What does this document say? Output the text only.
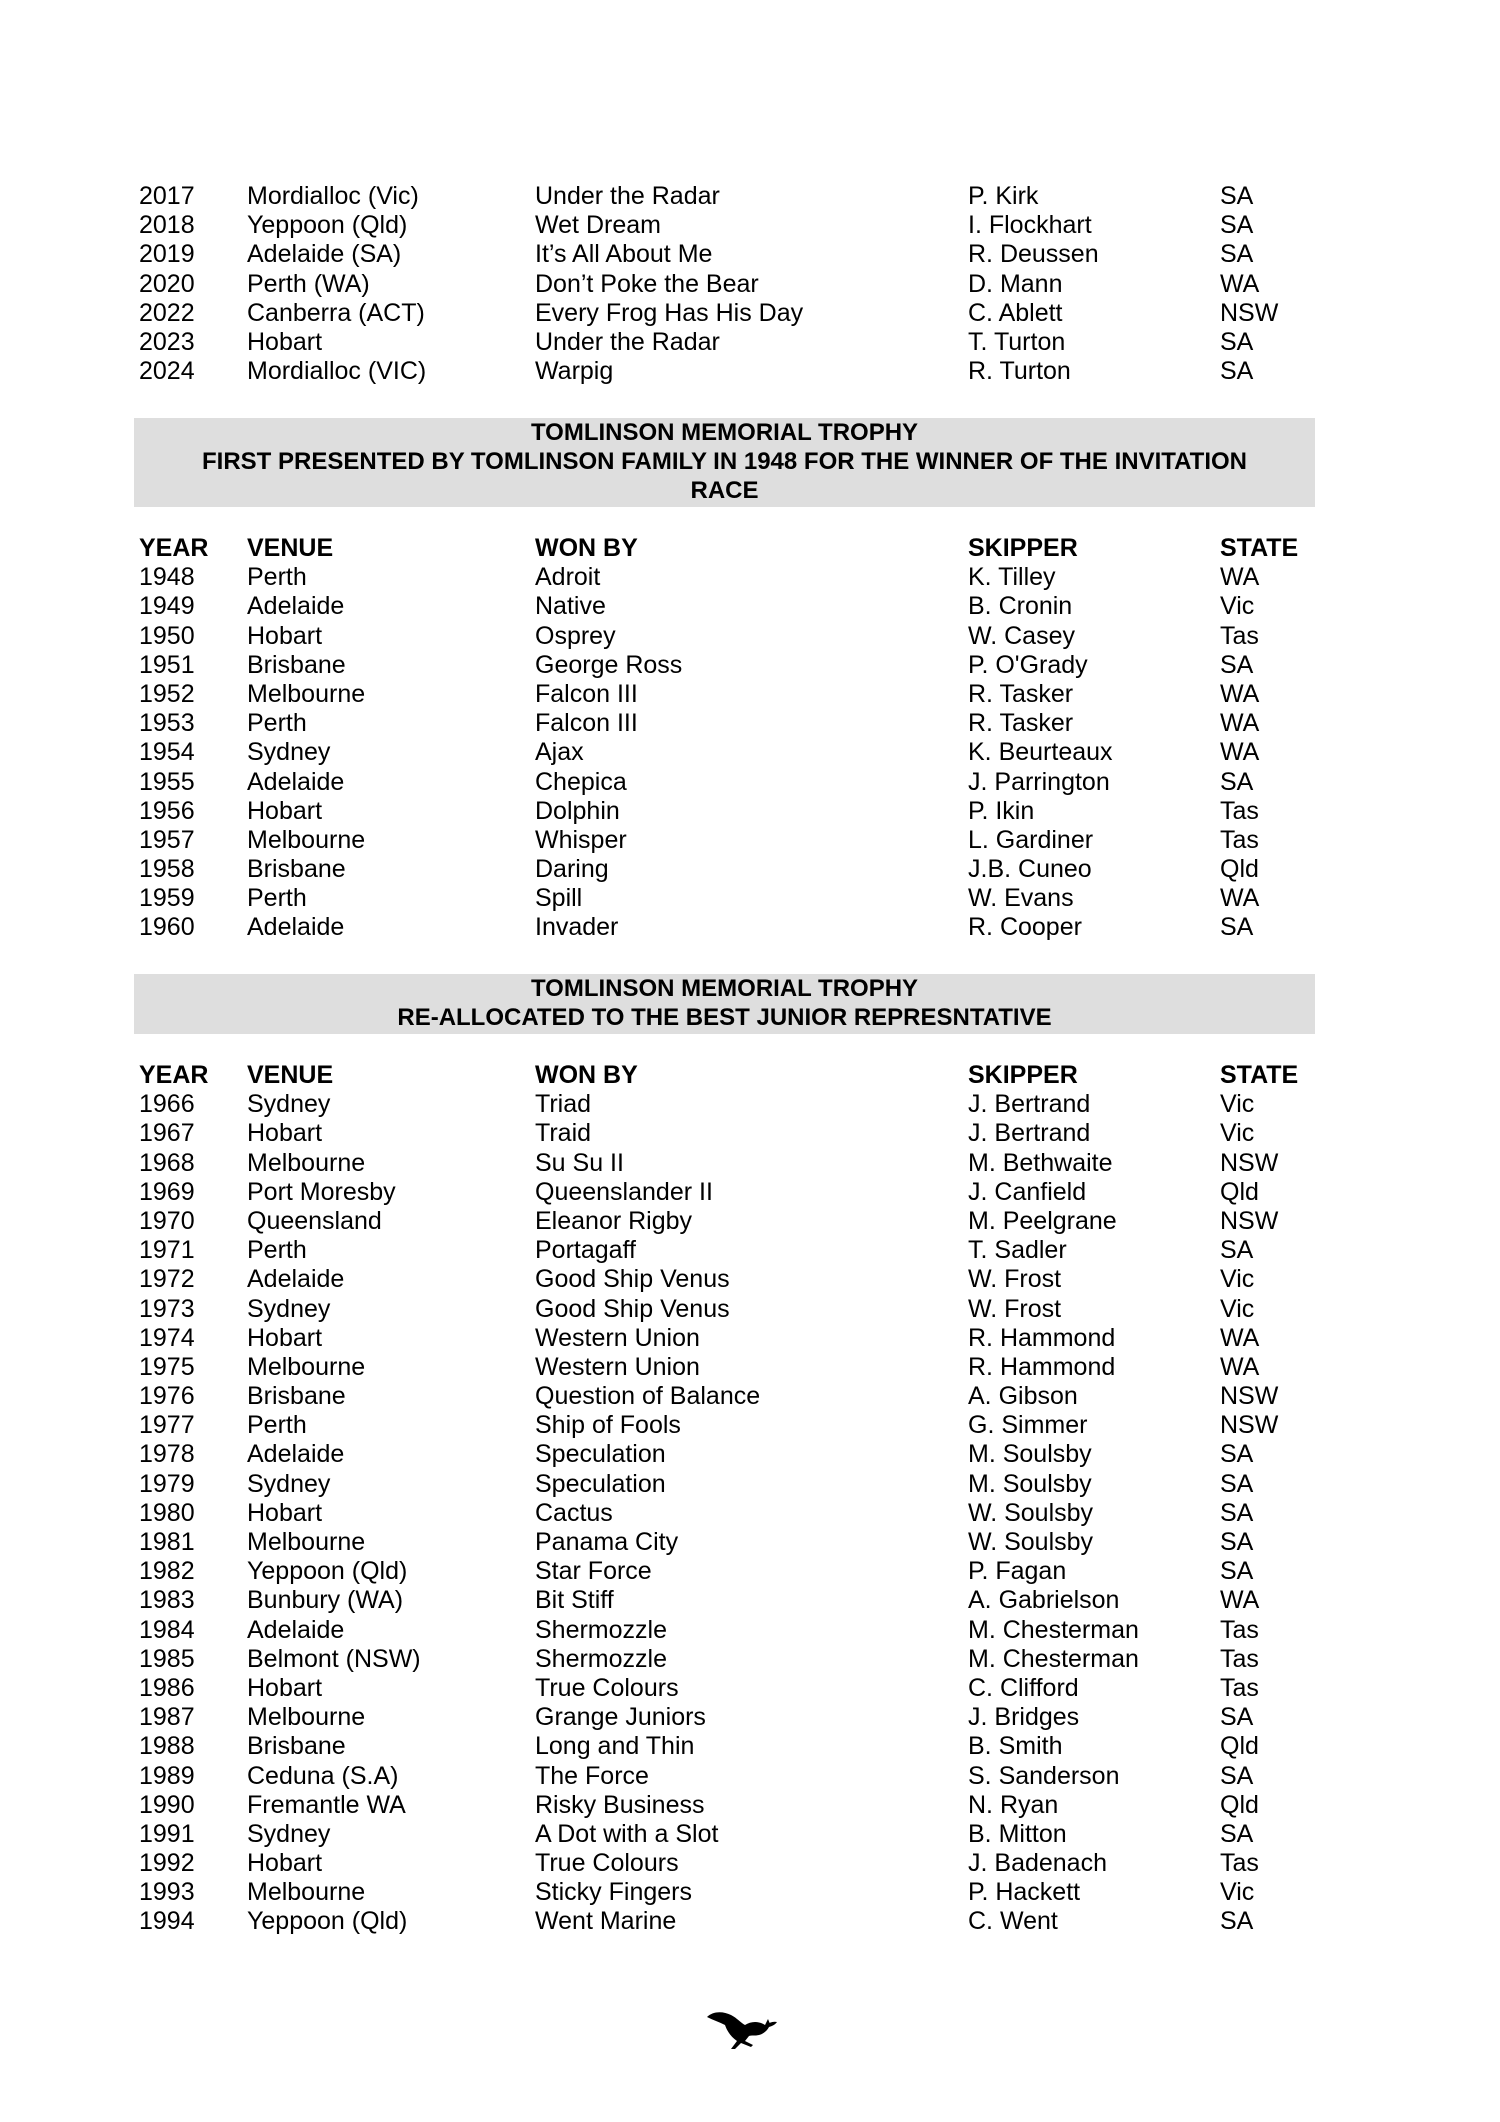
2017 Mordialloc (Vic)	Under the Radar	P. Kirk	SA
2018 Yeppoon (Qld)	Wet Dream	I. Flockhart	SA
2019 Adelaide (SA)	It’s All About Me	R. Deussen	SA
2020 Perth (WA)	Don’t Poke the Bear	D. Mann	WA
2022 Canberra (ACT)	Every Frog Has His Day	C. Ablett	NSW
2023 Hobart	Under the Radar	T. Turton	SA
2024 Mordialloc (VIC)	Warpig	R. Turton	SA
TOMLINSON MEMORIAL TROPHY
FIRST PRESENTED BY TOMLINSON FAMILY IN 1948 FOR THE WINNER OF THE INVITATION
RACE
YEAR VENUE	WON BY	SKIPPER	STATE
1948 Perth	Adroit	K. Tilley	WA
1949 Adelaide	Native	B. Cronin	Vic
1950 Hobart	Osprey	W. Casey	Tas
1951 Brisbane	George Ross	P. O'Grady	SA
1952 Melbourne	Falcon III	R. Tasker	WA
1953 Perth	Falcon III	R. Tasker	WA
1954 Sydney	Ajax	K. Beurteaux	WA
1955 Adelaide	Chepica	J. Parrington	SA
1956 Hobart	Dolphin	P. Ikin	Tas
1957 Melbourne	Whisper	L. Gardiner	Tas
1958 Brisbane	Daring	J.B. Cuneo	Qld
1959 Perth	Spill	W. Evans	WA
1960 Adelaide	Invader	R. Cooper	SA
TOMLINSON MEMORIAL TROPHY
RE-ALLOCATED TO THE BEST JUNIOR REPRESNTATIVE
YEAR VENUE	WON BY	SKIPPER	STATE
1966 Sydney	Triad	J. Bertrand	Vic
1967 Hobart	Traid	J. Bertrand	Vic
1968 Melbourne	Su Su II	M. Bethwaite	NSW
1969 Port Moresby	Queenslander II	J. Canfield	Qld
1970 Queensland	Eleanor Rigby	M. Peelgrane	NSW
1971 Perth	Portagaff	T. Sadler	SA
1972 Adelaide	Good Ship Venus	W. Frost	Vic
1973 Sydney	Good Ship Venus	W. Frost	Vic
1974 Hobart	Western Union	R. Hammond	WA
1975 Melbourne	Western Union	R. Hammond	WA
1976 Brisbane	Question of Balance	A. Gibson	NSW
1977 Perth	Ship of Fools	G. Simmer	NSW
1978 Adelaide	Speculation	M. Soulsby	SA
1979 Sydney	Speculation	M. Soulsby	SA
1980 Hobart	Cactus	W. Soulsby	SA
1981 Melbourne	Panama City	W. Soulsby	SA
1982 Yeppoon (Qld)	Star Force	P. Fagan	SA
1983 Bunbury (WA)	Bit Stiff	A. Gabrielson	WA
1984 Adelaide	Shermozzle	M. Chesterman	Tas
1985 Belmont (NSW)	Shermozzle	M. Chesterman	Tas
1986 Hobart	True Colours	C. Clifford	Tas
1987 Melbourne	Grange Juniors	J. Bridges	SA
1988 Brisbane	Long and Thin	B. Smith	Qld
1989 Ceduna (S.A)	The Force	S. Sanderson	SA
1990 Fremantle WA	Risky Business	N. Ryan	Qld
1991 Sydney	A Dot with a Slot	B. Mitton	SA
1992 Hobart	True Colours	J. Badenach	Tas
1993 Melbourne	Sticky Fingers	P. Hackett	Vic
1994 Yeppoon (Qld)	Went Marine	C. Went	SA
